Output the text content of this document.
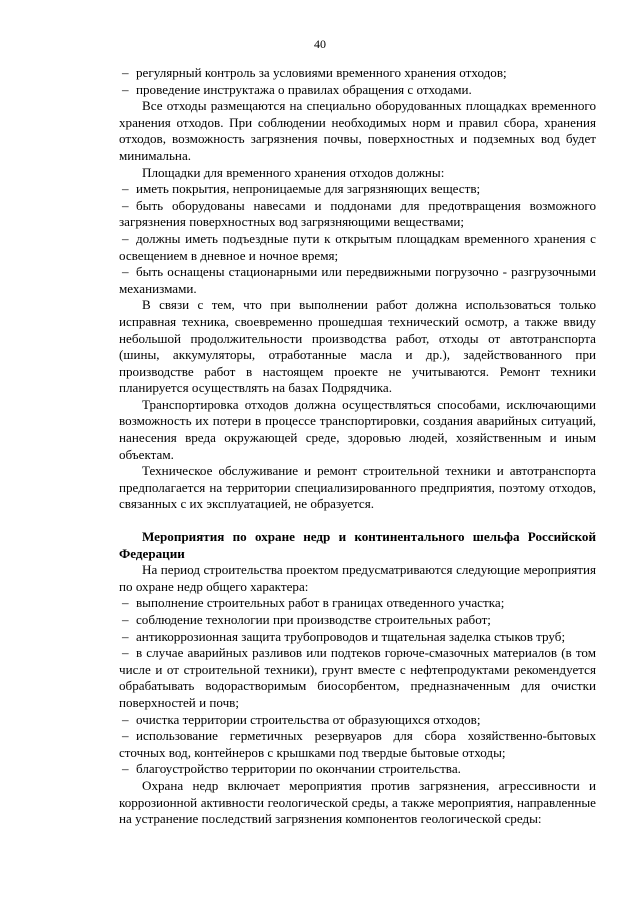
40

– регулярный контроль за условиями временного хранения отходов;

– проведение инструктажа о правилах обращения с отходами.

Все отходы размещаются на специально оборудованных площадках временного хранения отходов. При соблюдении необходимых норм и правил сбора, хранения отходов, возможность загрязнения почвы, поверхностных и подземных вод будет минимальна.

Площадки для временного хранения отходов должны:

– иметь покрытия, непроницаемые для загрязняющих веществ;

– быть оборудованы навесами и поддонами для предотвращения возможного загрязнения поверхностных вод загрязняющими веществами;

– должны иметь подъездные пути к открытым площадкам временного хранения с освещением в дневное и ночное время;

– быть оснащены стационарными или передвижными погрузочно - разгрузочными механизмами.

В связи с тем, что при выполнении работ должна использоваться только исправная техника, своевременно прошедшая технический осмотр, а также ввиду небольшой продолжительности производства работ, отходы от автотранспорта (шины, аккумуляторы, отработанные масла и др.), задействованного при производстве работ в настоящем проекте не учитываются. Ремонт техники планируется осуществлять на базах Подрядчика.

Транспортировка отходов должна осуществляться способами, исключающими возможность их потери в процессе транспортировки, создания аварийных ситуаций, нанесения вреда окружающей среде, здоровью людей, хозяйственным и иным объектам.

Техническое обслуживание и ремонт строительной техники и автотранспорта предполагается на территории специализированного предприятия, поэтому отходов, связанных с их эксплуатацией, не образуется.

Мероприятия по охране недр и континентального шельфа Российской Федерации

На период строительства проектом предусматриваются следующие мероприятия по охране недр общего характера:

– выполнение строительных работ в границах отведенного участка;

– соблюдение технологии при производстве строительных работ;

– антикоррозионная защита трубопроводов и тщательная заделка стыков труб;

– в случае аварийных разливов или подтеков горюче-смазочных материалов (в том числе и от строительной техники), грунт вместе с нефтепродуктами рекомендуется обрабатывать водорастворимым биосорбентом, предназначенным для очистки поверхностей и почв;

– очистка территории строительства от образующихся отходов;

– использование герметичных резервуаров для сбора хозяйственно-бытовых сточных вод, контейнеров с крышками под твердые бытовые отходы;

– благоустройство территории по окончании строительства.

Охрана недр включает мероприятия против загрязнения, агрессивности и коррозионной активности геологической среды, а также мероприятия, направленные на устранение последствий загрязнения компонентов геологической среды:
